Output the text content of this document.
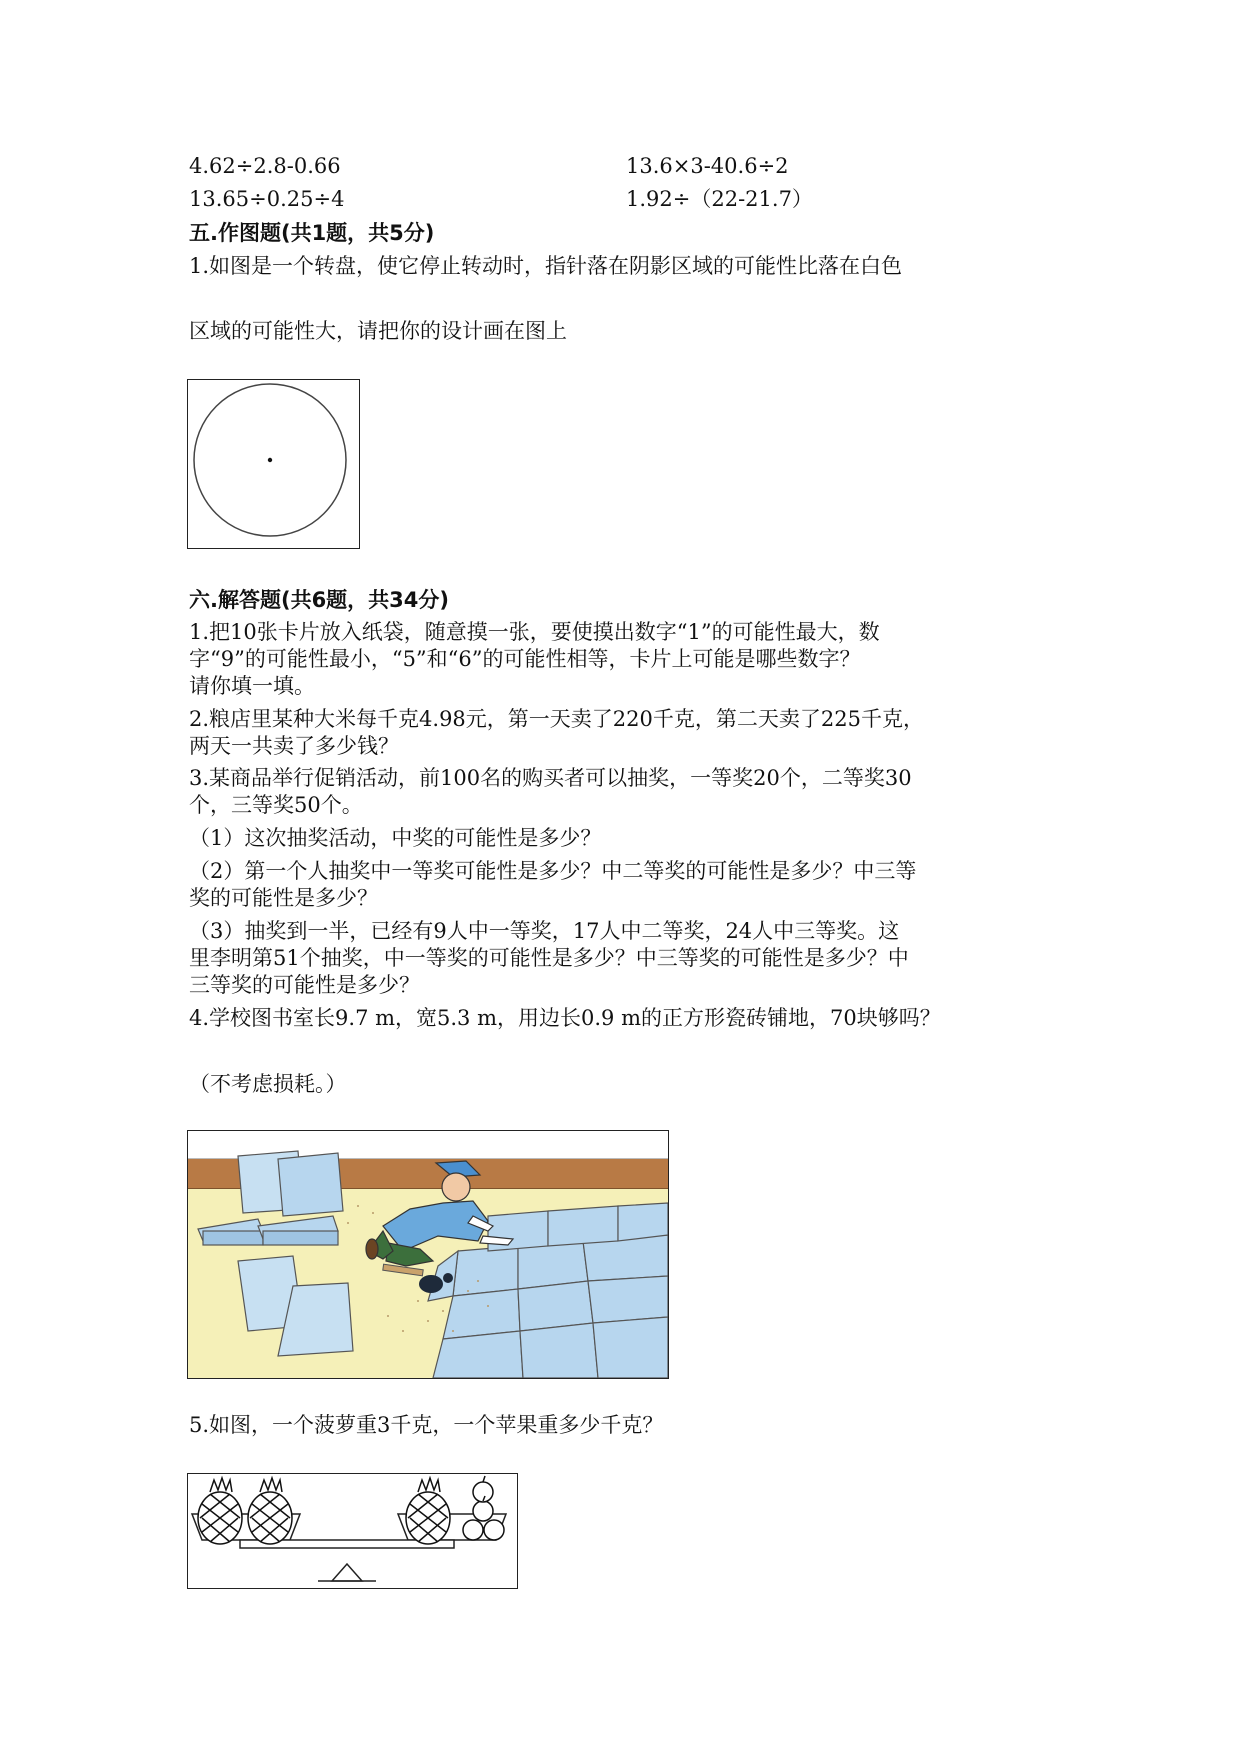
4.62÷2.8-0.66	13.6×3-40.6÷2
13.65÷0.25÷4	1.92÷（22-21.7）
五.作图题(共1题，共5分)
1.如图是一个转盘，使它停止转动时，指针落在阴影区域的可能性比落在白色
区域的可能性大，请把你的设计画在图上
六.解答题(共6题，共34分)
1.把10张卡片放入纸袋，随意摸一张，要使摸出数字“1”的可能性最大，数
字“9”的可能性最小，“5”和“6”的可能性相等，卡片上可能是哪些数字？
请你填一填。
2.粮店里某种大米每千克4.98元，第一天卖了220千克，第二天卖了225千克，
两天一共卖了多少钱？
3.某商品举行促销活动，前100名的购买者可以抽奖，一等奖20个，二等奖30
个，三等奖50个。
（1）这次抽奖活动，中奖的可能性是多少？
（2）第一个人抽奖中一等奖可能性是多少？中二等奖的可能性是多少？中三等
奖的可能性是多少？
（3）抽奖到一半，已经有9人中一等奖，17人中二等奖，24人中三等奖。这
里李明第51个抽奖，中一等奖的可能性是多少？中三等奖的可能性是多少？中
三等奖的可能性是多少？
4.学校图书室长9.7 m，宽5.3 m，用边长0.9 m的正方形瓷砖铺地，70块够吗？
（不考虑损耗。）
5.如图，一个菠萝重3千克，一个苹果重多少千克？
